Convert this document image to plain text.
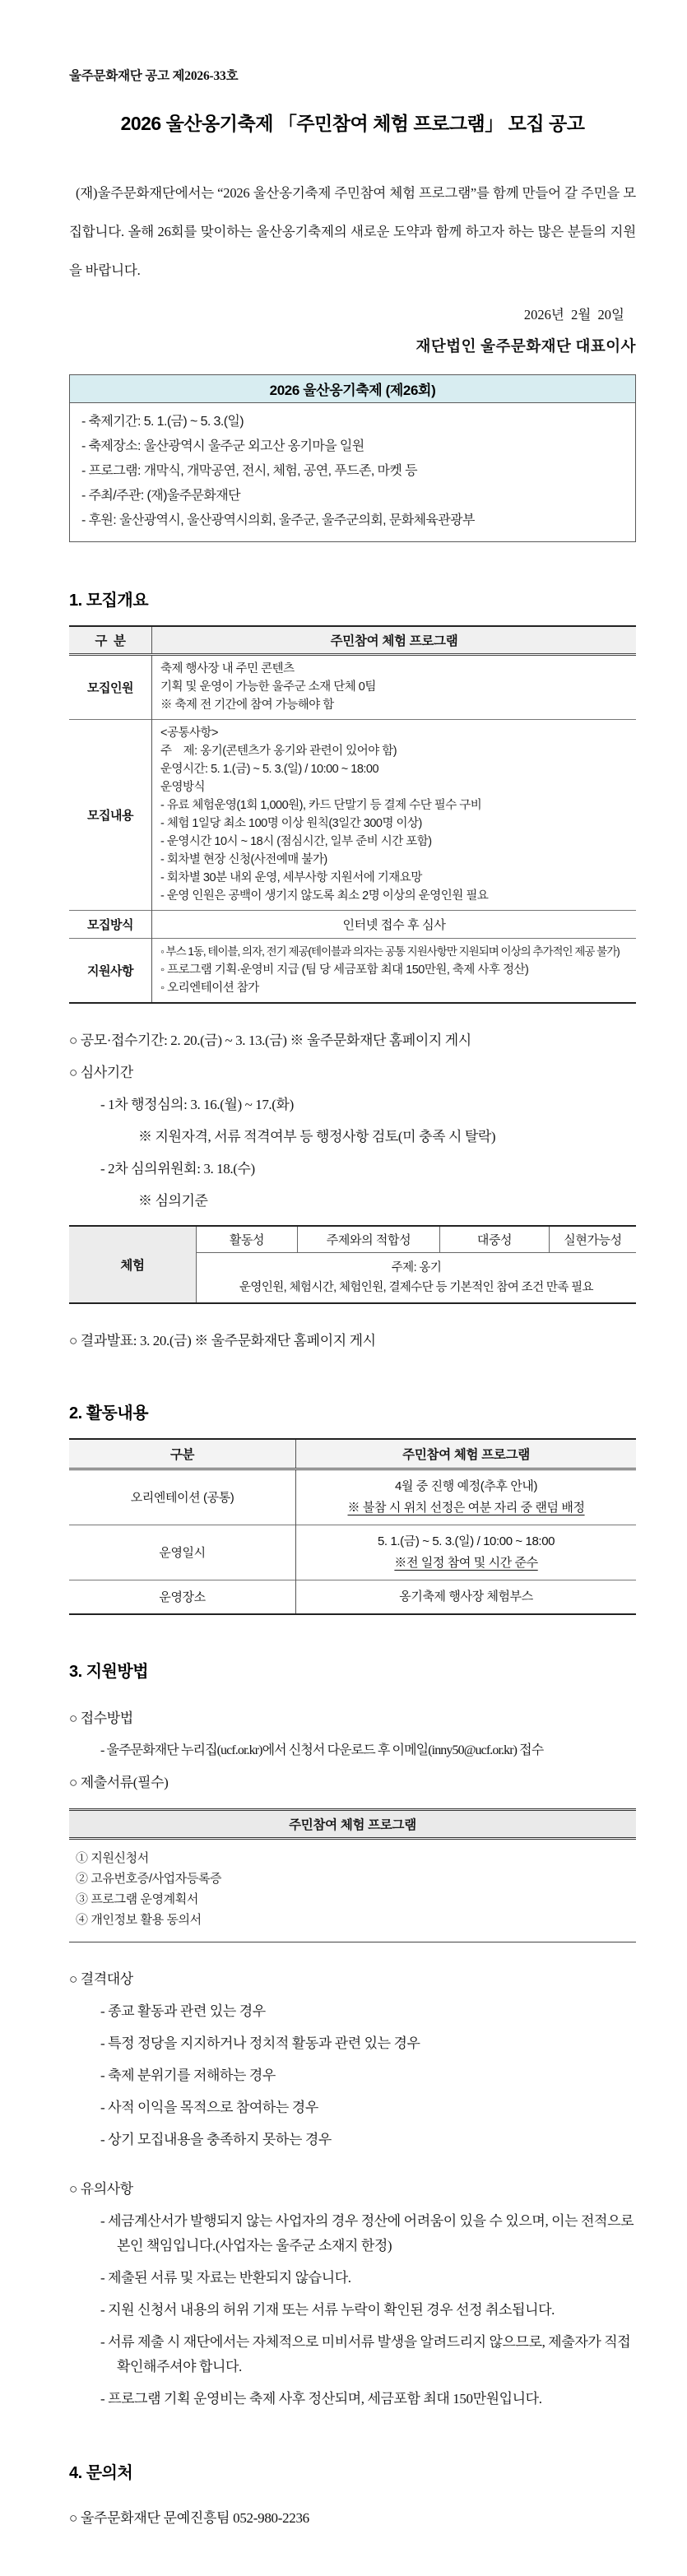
울주문화재단 공고 제2026-33호
2026 울산옹기축제 「주민참여 체험 프로그램」 모집 공고

(재)울주문화재단에서는 “2026 울산옹기축제 주민참여 체험 프로그램”를 함께 만들어 갈 주민을 모집합니다. 올해 26회를 맞이하는 울산옹기축제의 새로운 도약과 함께 하고자 하는 많은 분들의 지원을 바랍니다.

2026년  2월  20일
재단법인 울주문화재단 대표이사
2026 울산옹기축제 (제26회)
- 축제기간: 5. 1.(금) ~ 5. 3.(일)
- 축제장소: 울산광역시 울주군 외고산 옹기마을 일원
- 프로그램: 개막식, 개막공연, 전시, 체험, 공연, 푸드존, 마켓 등
- 주최/주관: (재)울주문화재단
- 후원: 울산광역시, 울산광역시의회, 울주군, 울주군의회, 문화체육관광부
1. 모집개요
구  분	주민참여 체험 프로그램
모집인원	축제 행사장 내 주민 콘텐츠
기획 및 운영이 가능한 울주군 소재 단체 0팀
※ 축제 전 기간에 참여 가능해야 함

모집내용	
<공통사항>
주    제: 옹기(콘텐츠가 옹기와 관련이 있어야 함)
운영시간: 5. 1.(금) ~ 5. 3.(일) / 10:00 ~ 18:00
운영방식
- 유료 체험운영(1회 1,000원), 카드 단말기 등 결제 수단 필수 구비
- 체험 1일당 최소 100명 이상 원칙(3일간 300명 이상)
- 운영시간 10시 ~ 18시 (점심시간, 일부 준비 시간 포함)
- 회차별 현장 신청(사전예매 불가)
- 회차별 30분 내외 운영, 세부사항 지원서에 기재요망
- 운영 인원은 공백이 생기지 않도록 최소 2명 이상의 운영인원 필요

모집방식	인터넷 접수 후 심사
지원사항	◦ 부스 1동, 테이블, 의자, 전기 제공(테이블과 의자는 공통 지원사항만 지원되며 이상의 추가적인 제공 불가)
◦ 프로그램 기획·운영비 지급 (팀 당 세금포함 최대 150만원, 축제 사후 정산)
◦ 오리엔테이션 참가
○ 공모·접수기간: 2. 20.(금) ~ 3. 13.(금) ※ 울주문화재단 홈페이지 게시
○ 심사기간
- 1차 행정심의: 3. 16.(월) ~ 17.(화)
※ 지원자격, 서류 적격여부 등 행정사항 검토(미 충족 시 탈락)
- 2차 심의위원회: 3. 18.(수)
※ 심의기준
체험	활동성	주제와의 적합성	대중성	실현가능성

주제: 옹기
운영인원, 체험시간, 체험인원, 결제수단 등 기본적인 참여 조건 만족 필요
○ 결과발표: 3. 20.(금) ※ 울주문화재단 홈페이지 게시
2. 활동내용
구분	주민참여 체험 프로그램
오리엔테이션 (공통)	4월 중 진행 예정(추후 안내)
※ 불참 시 위치 선정은 여분 자리 중 랜덤 배정

운영일시	5. 1.(금) ~ 5. 3.(일) / 10:00 ~ 18:00
※전 일정 참여 및 시간 준수

운영장소	옹기축제 행사장 체험부스
3. 지원방법
○ 접수방법
- 울주문화재단 누리집(ucf.or.kr)에서 신청서 다운로드 후 이메일(inny50@ucf.or.kr) 접수
○ 제출서류(필수)
주민참여 체험 프로그램

① 지원신청서
② 고유번호증/사업자등록증
③ 프로그램 운영계획서
④ 개인정보 활용 동의서
○ 결격대상
- 종교 활동과 관련 있는 경우
- 특정 정당을 지지하거나 정치적 활동과 관련 있는 경우
- 축제 분위기를 저해하는 경우
- 사적 이익을 목적으로 참여하는 경우
- 상기 모집내용을 충족하지 못하는 경우
○ 유의사항
- 세금계산서가 발행되지 않는 사업자의 경우 정산에 어려움이 있을 수 있으며, 이는 전적으로 본인 책임입니다.(사업자는 울주군 소재지 한정)
- 제출된 서류 및 자료는 반환되지 않습니다.
- 지원 신청서 내용의 허위 기재 또는 서류 누락이 확인된 경우 선정 취소됩니다.
- 서류 제출 시 재단에서는 자체적으로 미비서류 발생을 알려드리지 않으므로, 제출자가 직접 확인해주셔야 합니다.
- 프로그램 기획 운영비는 축제 사후 정산되며, 세금포함 최대 150만원입니다.
4. 문의처
○ 울주문화재단 문예진흥팀 052-980-2236
